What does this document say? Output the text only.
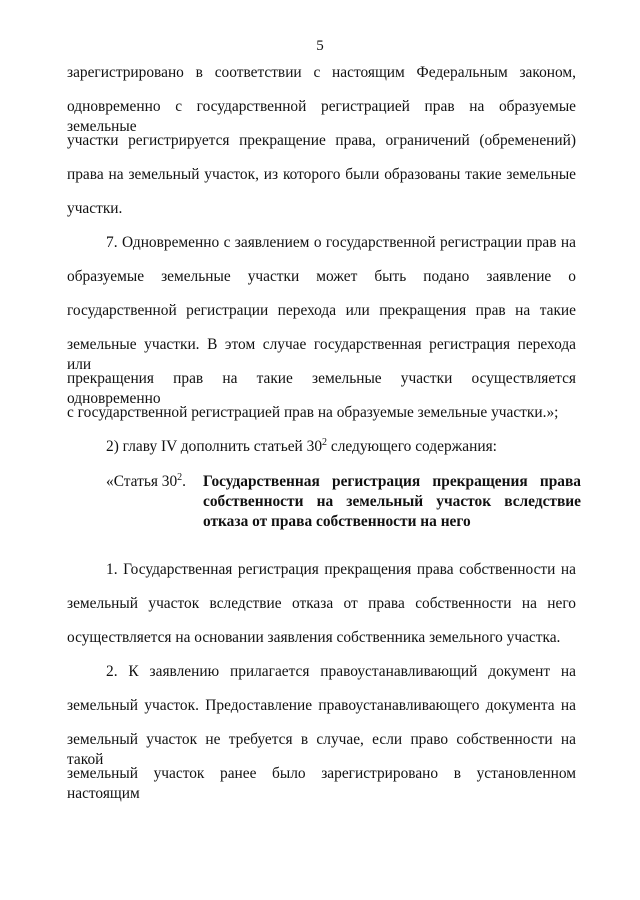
5
зарегистрировано в соответствии с настоящим Федеральным законом,
одновременно с государственной регистрацией прав на образуемые земельные
участки регистрируется прекращение права, ограничений (обременений)
права на земельный участок, из которого были образованы такие земельные
участки.
7. Одновременно с заявлением о государственной регистрации прав на
образуемые земельные участки может быть подано заявление о
государственной регистрации перехода или прекращения прав на такие
земельные участки. В этом случае государственная регистрация перехода или
прекращения прав на такие земельные участки осуществляется одновременно
с государственной регистрацией прав на образуемые земельные участки.»;
2) главу IV дополнить статьей $30^2$ следующего содержания:
«Статья $30^2$. Государственная регистрация прекращения права
собственности на земельный участок вследствие
отказа от права собственности на него
1. Государственная регистрация прекращения права собственности на
земельный участок вследствие отказа от права собственности на него
осуществляется на основании заявления собственника земельного участка.
2. К заявлению прилагается правоустанавливающий документ на
земельный участок. Предоставление правоустанавливающего документа на
земельный участок не требуется в случае, если право собственности на такой
земельный участок ранее было зарегистрировано в установленном настоящим
